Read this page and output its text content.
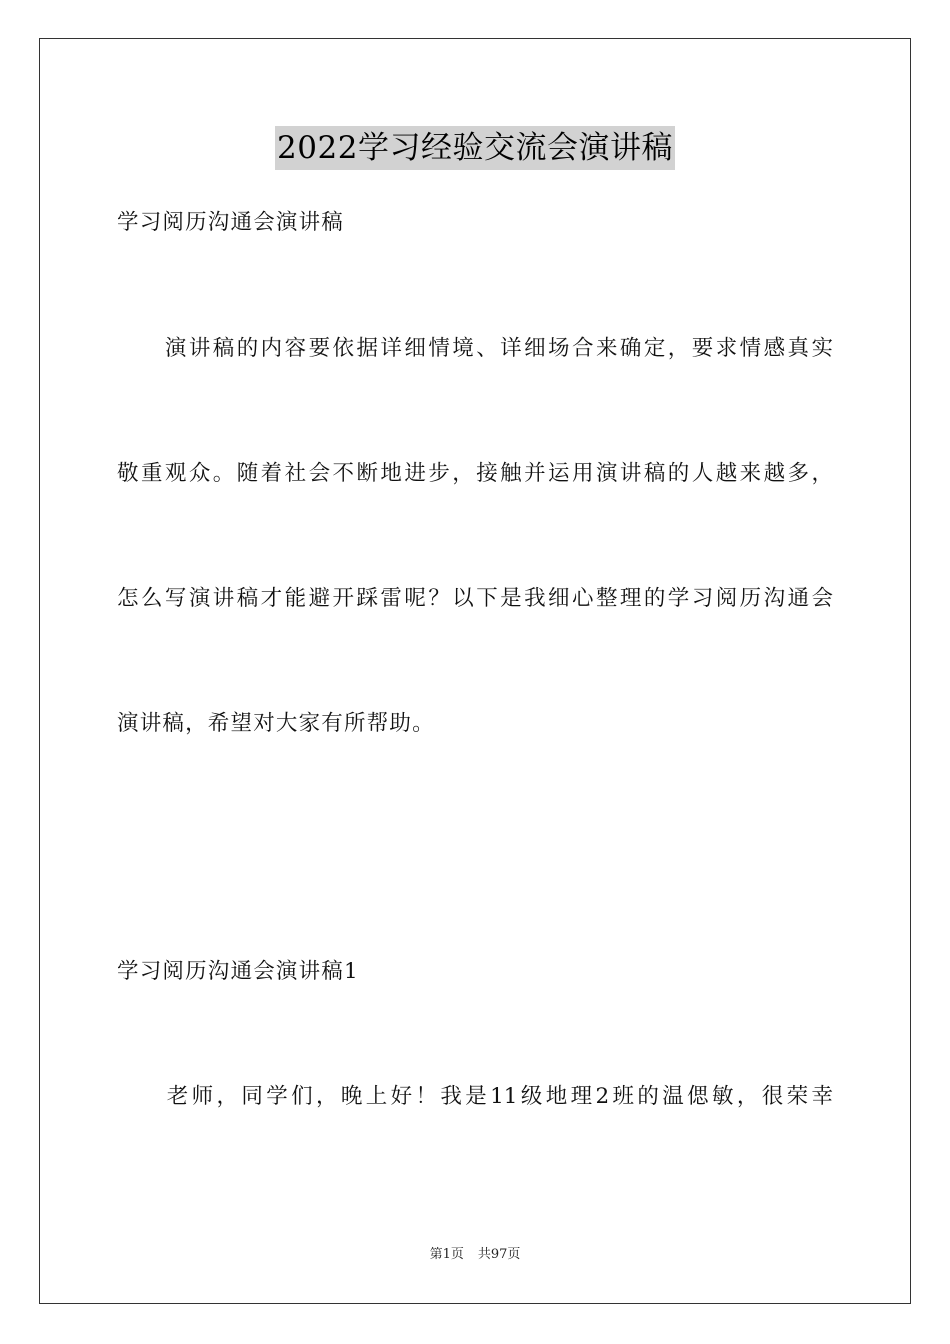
2022学习经验交流会演讲稿
学习阅历沟通会演讲稿
　　演讲稿的内容要依据详细情境、详细场合来确定，要求情感真实
敬重观众。随着社会不断地进步，接触并运用演讲稿的人越来越多，
怎么写演讲稿才能避开踩雷呢？以下是我细心整理的学习阅历沟通会
演讲稿，希望对大家有所帮助。
学习阅历沟通会演讲稿1
　　老师，同学们，晚上好！我是11级地理2班的温偲敏，很荣幸
第1页 共97页
